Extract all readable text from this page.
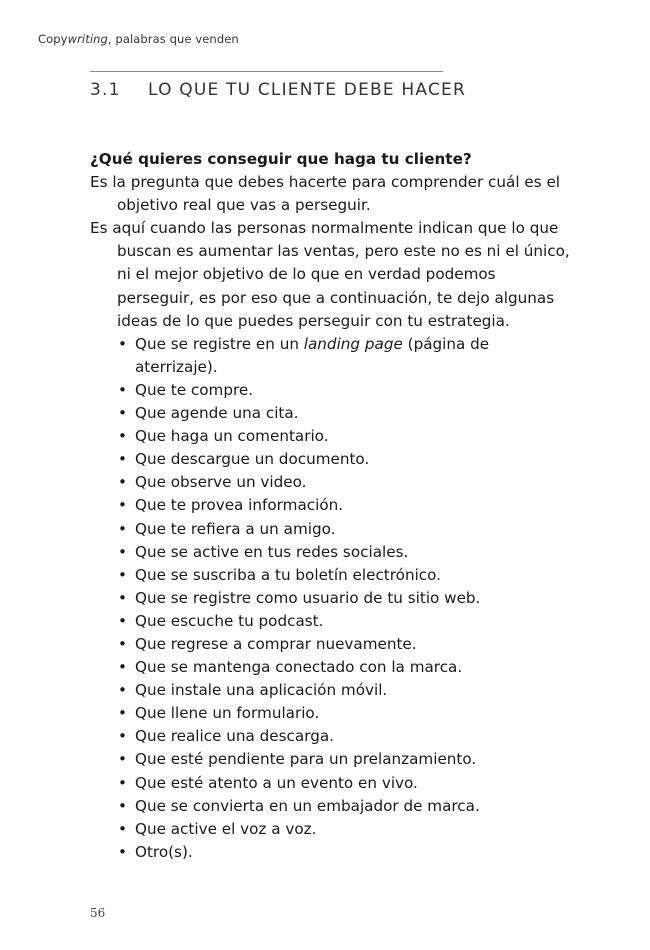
Copywriting, palabras que venden
3.1 LO QUE TU CLIENTE DEBE HACER

¿Qué quieres conseguir que haga tu cliente?

Es la pregunta que debes hacerte para comprender cuál es el objetivo real que vas a perseguir.

Es aquí cuando las personas normalmente indican que lo que buscan es aumentar las ventas, pero este no es ni el único, ni el mejor objetivo de lo que en verdad podemos perseguir, es por eso que a continuación, te dejo algunas ideas de lo que puedes perseguir con tu estrategia.

• Que se registre en un landing page (página de aterrizaje).
• Que te compre.
• Que agende una cita.
• Que haga un comentario.
• Que descargue un documento.
• Que observe un video.
• Que te provea información.
• Que te refiera a un amigo.
• Que se active en tus redes sociales.
• Que se suscriba a tu boletín electrónico.
• Que se registre como usuario de tu sitio web.
• Que escuche tu podcast.
• Que regrese a comprar nuevamente.
• Que se mantenga conectado con la marca.
• Que instale una aplicación móvil.
• Que llene un formulario.
• Que realice una descarga.
• Que esté pendiente para un prelanzamiento.
• Que esté atento a un evento en vivo.
• Que se convierta en un embajador de marca.
• Que active el voz a voz.
• Otro(s).
56
